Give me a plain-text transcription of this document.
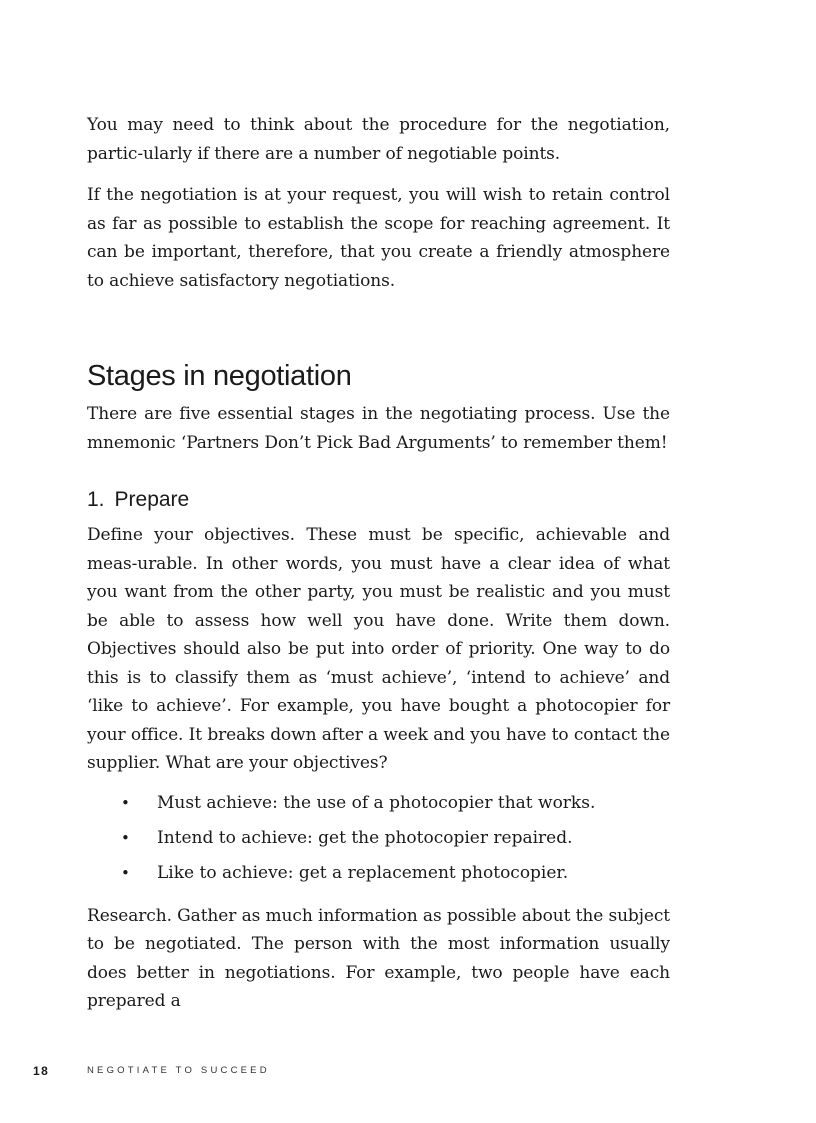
You may need to think about the procedure for the negotiation, partic-ularly if there are a number of negotiable points.

If the negotiation is at your request, you will wish to retain control as far as possible to establish the scope for reaching agreement. It can be important, therefore, that you create a friendly atmosphere to achieve satisfactory negotiations.

Stages in negotiation

There are five essential stages in the negotiating process. Use the mnemonic ‘Partners Don’t Pick Bad Arguments’ to remember them!

1. Prepare

Define your objectives. These must be specific, achievable and meas-urable. In other words, you must have a clear idea of what you want from the other party, you must be realistic and you must be able to assess how well you have done. Write them down. Objectives should also be put into order of priority. One way to do this is to classify them as ‘must achieve’, ‘intend to achieve’ and ‘like to achieve’. For example, you have bought a photocopier for your office. It breaks down after a week and you have to contact the supplier. What are your objectives?

• Must achieve: the use of a photocopier that works.
• Intend to achieve: get the photocopier repaired.
• Like to achieve: get a replacement photocopier.

Research. Gather as much information as possible about the subject to be negotiated. The person with the most information usually does better in negotiations. For example, two people have each prepared a

18	NEGOTIATE TO SUCCEED
